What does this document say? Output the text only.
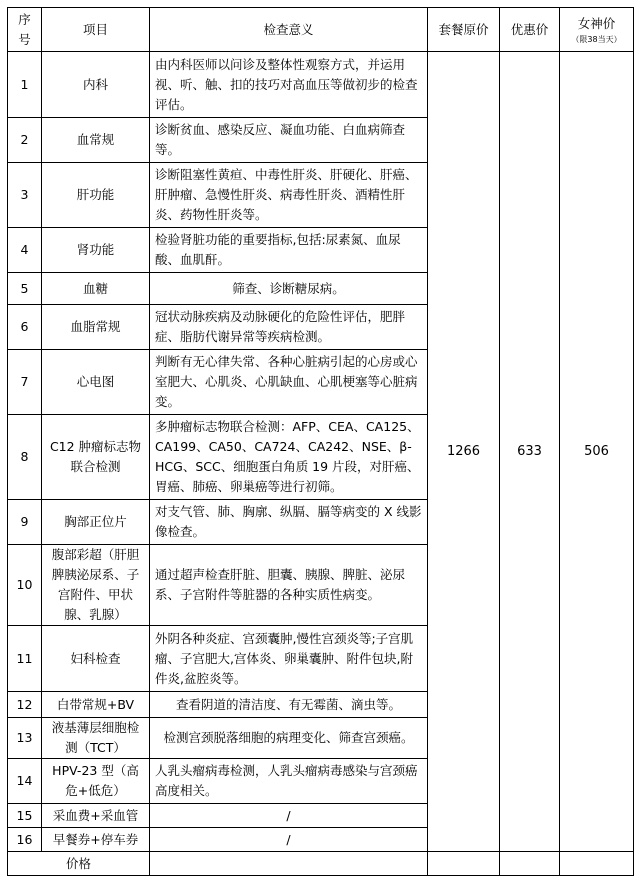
序号	项目	检查意义	套餐原价	优惠价	女神价
（限38当天）

1	内科	由内科医师以问诊及整体性观察方式，并运用视、听、触、扣的技巧对高血压等做初步的检查评估。	1266	633	506
2	血常规	诊断贫血、感染反应、凝血功能、白血病筛查等。			
3	肝功能	诊断阻塞性黄疸、中毒性肝炎、肝硬化、肝癌、肝肿瘤、急慢性肝炎、病毒性肝炎、酒精性肝炎、药物性肝炎等。			
4	肾功能	检验肾脏功能的重要指标,包括:尿素氮、血尿酸、血肌酐。			
5	血糖	筛查、诊断糖尿病。			
6	血脂常规	冠状动脉疾病及动脉硬化的危险性评估，肥胖症、脂肪代谢异常等疾病检测。			
7	心电图	判断有无心律失常、各种心脏病引起的心房或心室肥大、心肌炎、心肌缺血、心肌梗塞等心脏病变。			
8	C12 肿瘤标志物联合检测	多肿瘤标志物联合检测：AFP、CEA、CA125、CA199、CA50、CA724、CA242、NSE、β-HCG、SCC、细胞蛋白角质 19 片段，对肝癌、胃癌、肺癌、卵巢癌等进行初筛。			
9	胸部正位片	对支气管、肺、胸廓、纵膈、膈等病变的 X 线影像检查。			
10	腹部彩超（肝胆脾胰泌尿系、子宫附件、甲状腺、乳腺）	通过超声检查肝脏、胆囊、胰腺、脾脏、泌尿系、子宫附件等脏器的各种实质性病变。			
11	妇科检查	外阴各种炎症、宫颈囊肿,慢性宫颈炎等;子宫肌瘤、子宫肥大,宫体炎、卵巢囊肿、附件包块,附件炎,盆腔炎等。			
12	白带常规+BV	查看阴道的清洁度、有无霉菌、滴虫等。			
13	液基薄层细胞检测（TCT）	检测宫颈脱落细胞的病理变化、筛查宫颈癌。			
14	HPV-23 型（高危+低危）	人乳头瘤病毒检测，人乳头瘤病毒感染与宫颈癌高度相关。			
15	采血费+采血管	/			
16	早餐券+停车券	/			
价格					
